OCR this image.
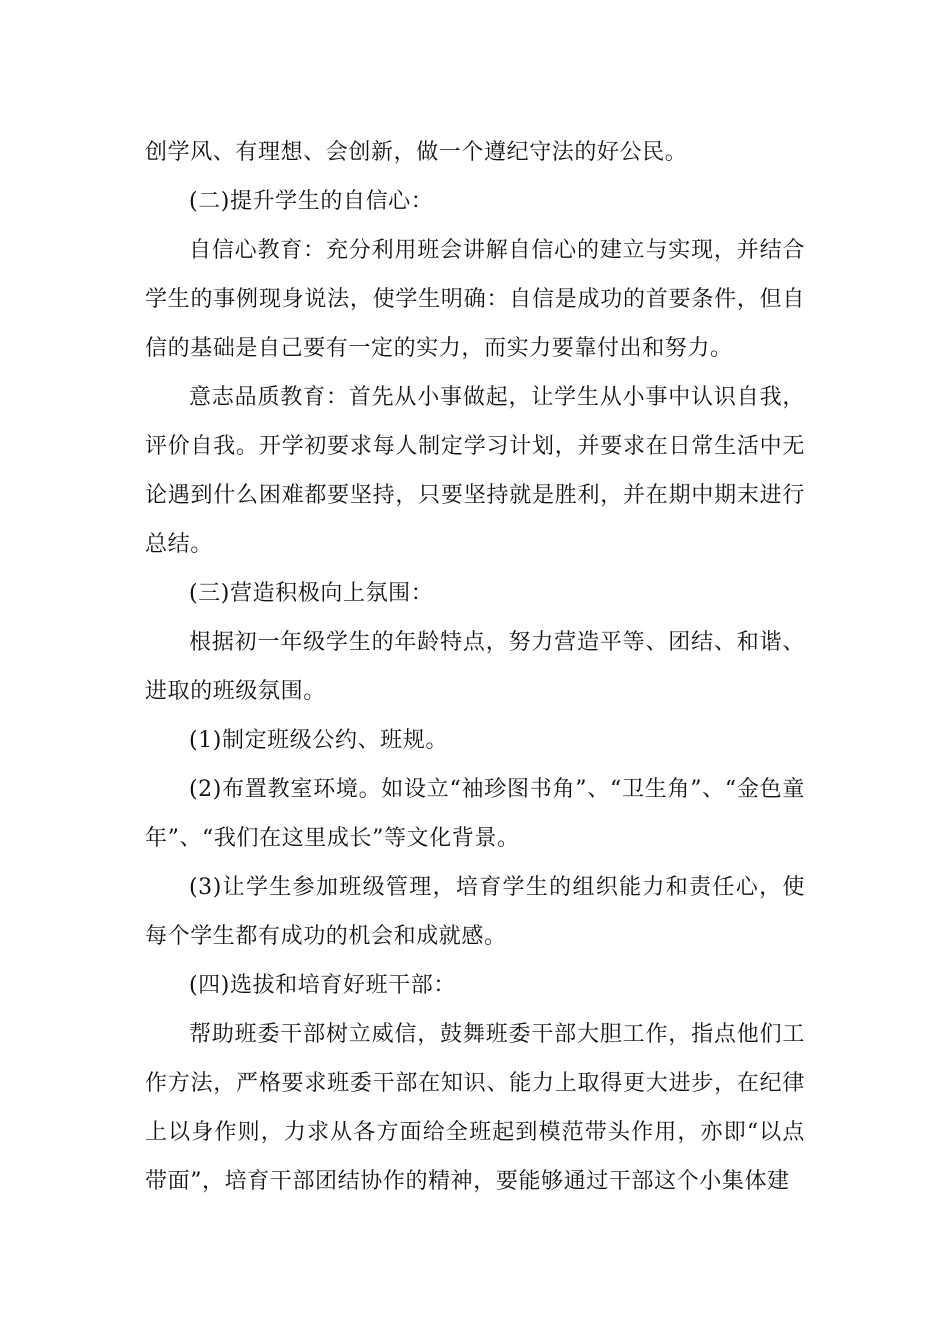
创学风、有理想、会创新，做一个遵纪守法的好公民。

(二)提升学生的自信心：

自信心教育：充分利用班会讲解自信心的建立与实现，并结合学生的事例现身说法，使学生明确：自信是成功的首要条件，但自信的基础是自己要有一定的实力，而实力要靠付出和努力。

意志品质教育：首先从小事做起，让学生从小事中认识自我，评价自我。开学初要求每人制定学习计划，并要求在日常生活中无论遇到什么困难都要坚持，只要坚持就是胜利，并在期中期末进行总结。

(三)营造积极向上氛围：

根据初一年级学生的年龄特点，努力营造平等、团结、和谐、进取的班级氛围。

(1)制定班级公约、班规。

(2)布置教室环境。如设立“袖珍图书角”、“卫生角”、“金色童年”、“我们在这里成长”等文化背景。

(3)让学生参加班级管理，培育学生的组织能力和责任心，使每个学生都有成功的机会和成就感。

(四)选拔和培育好班干部：

帮助班委干部树立威信，鼓舞班委干部大胆工作，指点他们工作方法，严格要求班委干部在知识、能力上取得更大进步，在纪律上以身作则，力求从各方面给全班起到模范带头作用，亦即“以点带面”，培育干部团结协作的精神，要能够通过干部这个小集体建
